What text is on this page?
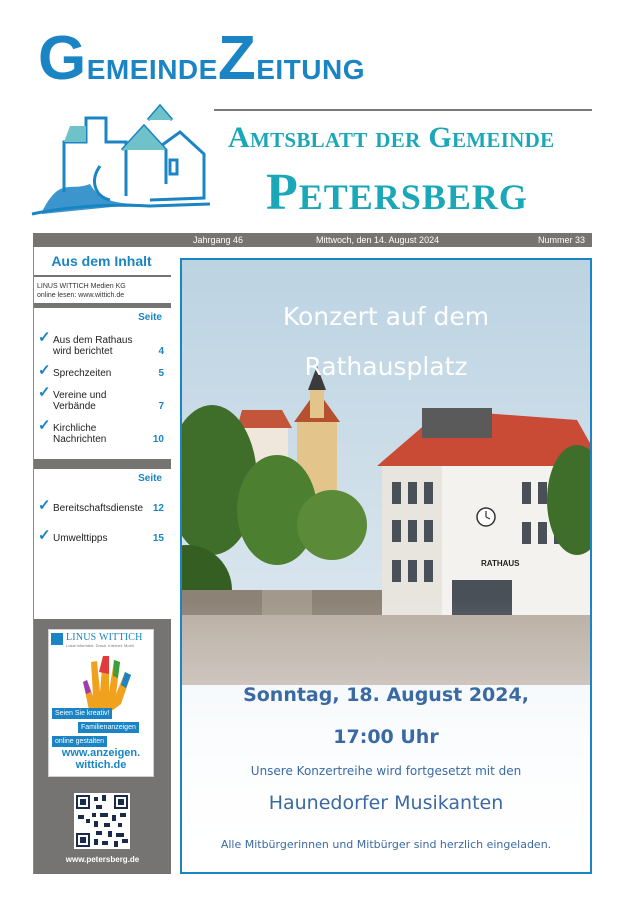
GemeindeZeitung
Amtsblatt der Gemeinde
Petersberg
Jahrgang 46	Mittwoch, den 14. August 2024	Nummer 33
Aus dem Inhalt
LINUS WITTICH Medien KG
online lesen: www.wittich.de
Seite
✓ Aus dem Rathaus wird berichtet	4
✓ Sprechzeiten	5
✓ Vereine und Verbände	7
✓ Kirchliche Nachrichten	10
Seite
✓ Bereitschaftsdienste 12
✓ Umwelttipps	15
LINUS WITTICH
Lokal informiert. Druck. Internet. Mobil.
Seien Sie kreativ!
Familienanzeigen
online gestalten
www.anzeigen.
wittich.de
www.petersberg.de
RATHAUS
Konzert auf dem
Rathausplatz
Sonntag, 18. August 2024,
17:00 Uhr
Unsere Konzertreihe wird fortgesetzt mit den
Haunedorfer Musikanten
Alle Mitbürgerinnen und Mitbürger sind herzlich eingeladen.
